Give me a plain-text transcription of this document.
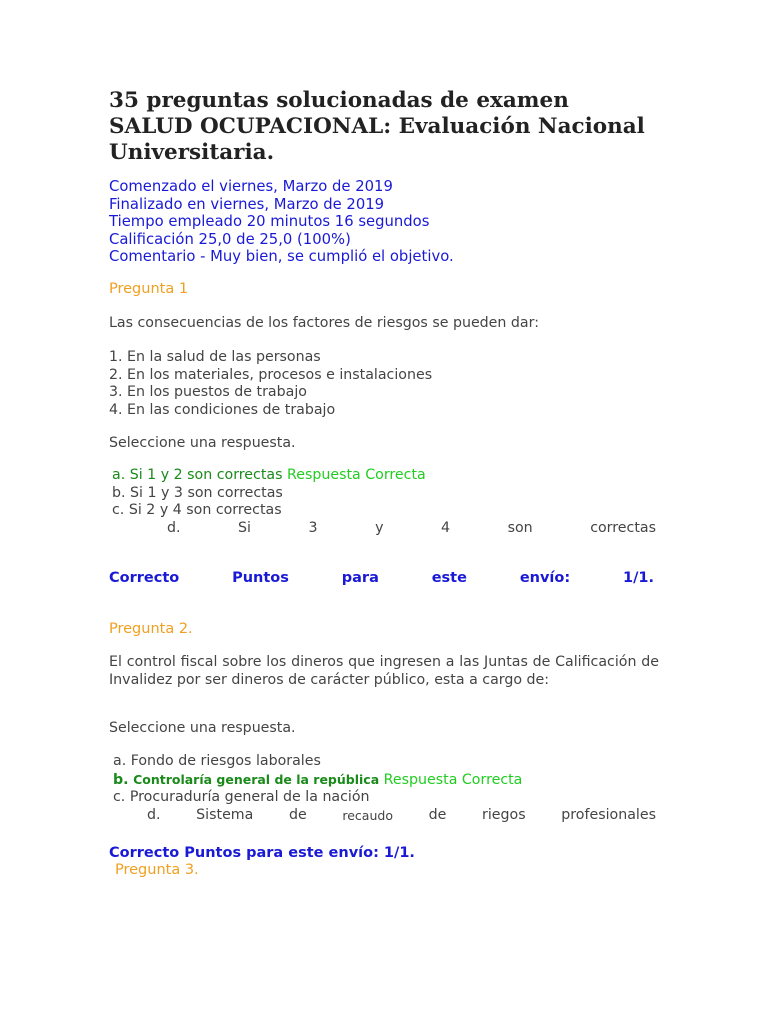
35 preguntas solucionadas de examen SALUD OCUPACIONAL: Evaluación Nacional Universitaria.
Comenzado el viernes, Marzo de 2019
Finalizado en viernes, Marzo de 2019
Tiempo empleado 20 minutos 16 segundos
Calificación 25,0 de 25,0 (100%)
Comentario - Muy bien, se cumplió el objetivo.
Pregunta 1
Las consecuencias de los factores de riesgos se pueden dar:
1. En la salud de las personas
2. En los materiales, procesos e instalaciones
3. En los puestos de trabajo
4. En las condiciones de trabajo
Seleccione una respuesta.
a. Si 1 y 2 son correctas Respuesta Correcta
b. Si 1 y 3 son correctas
c. Si 2 y 4 son correctas
d.	Si	3	y	4	son	correctas
Correcto	Puntos	para	este	envío:	1/1.
Pregunta 2.
El control fiscal sobre los dineros que ingresen a las Juntas de Calificación de Invalidez por ser dineros de carácter público, esta a cargo de:
Seleccione una respuesta.
a. Fondo de riesgos laborales
b. Controlaría general de la república Respuesta Correcta
c. Procuraduría general de la nación
d.	Sistema	de	recaudo	de	riegos	profesionales
Correcto Puntos para este envío: 1/1.
Pregunta 3.
